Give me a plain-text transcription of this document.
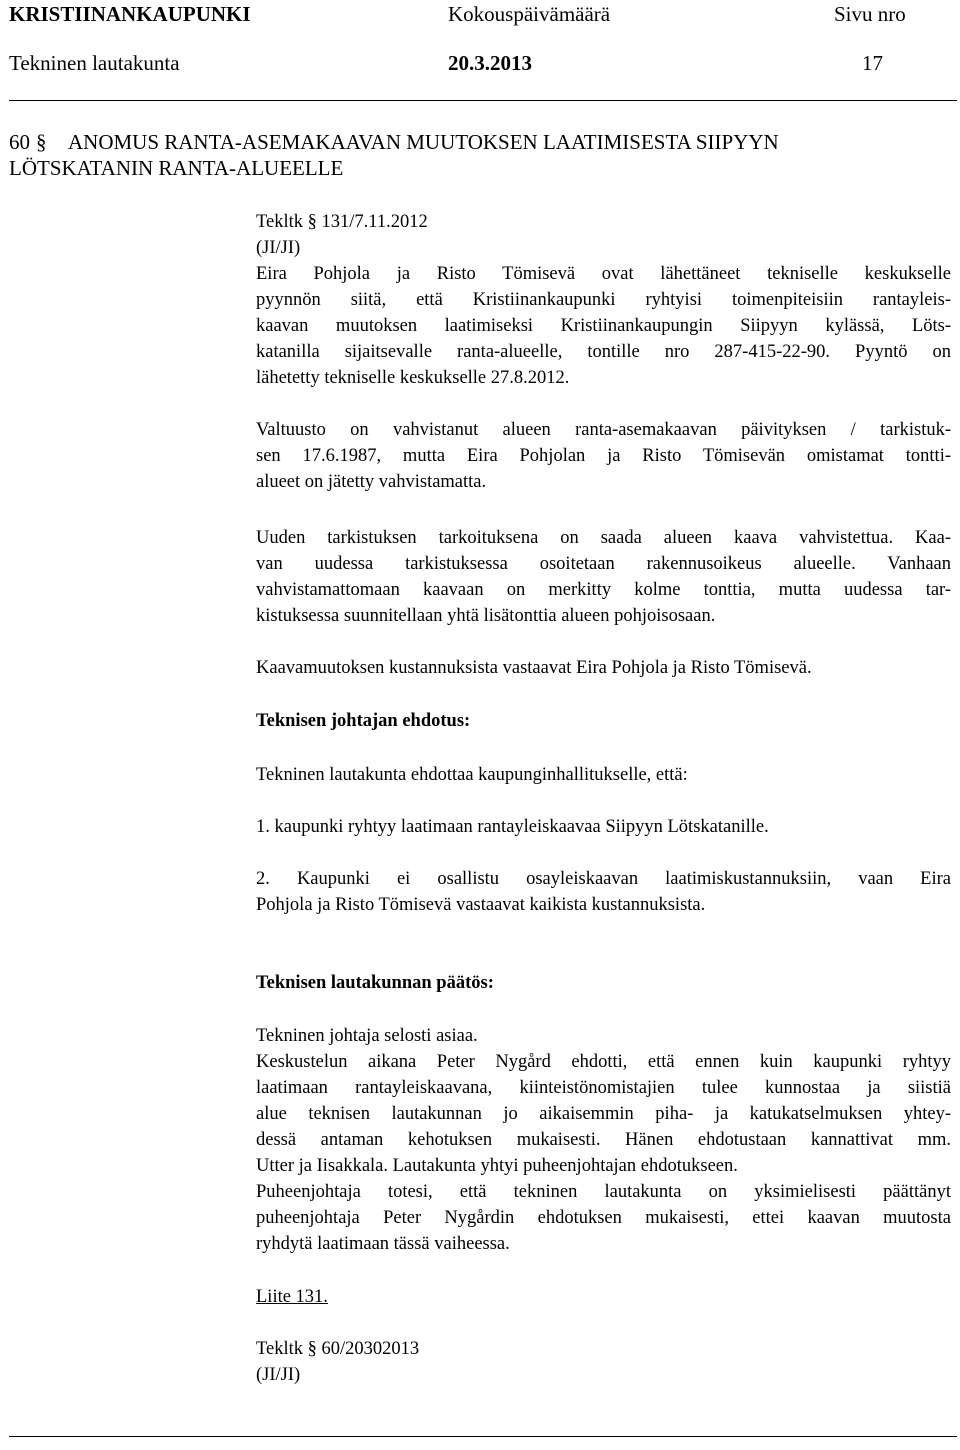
KRISTIINANKAUPUNKI	Kokouspäivämäärä	Sivu nro
Tekninen lautakunta	20.3.2013	17
60 § ANOMUS RANTA-ASEMAKAAVAN MUUTOKSEN LAATIMISESTA SIIPYYN
LÖTSKATANIN RANTA-ALUEELLE
Tekltk § 131/7.11.2012
(JI/JI)
Eira Pohjola ja Risto Tömisevä ovat lähettäneet tekniselle keskukselle
pyynnön siitä, että Kristiinankaupunki ryhtyisi toimenpiteisiin rantayleis-
kaavan muutoksen laatimiseksi Kristiinankaupungin Siipyyn kylässä, Löts-
katanilla sijaitsevalle ranta-alueelle, tontille nro 287-415-22-90. Pyyntö on
lähetetty tekniselle keskukselle 27.8.2012.
Valtuusto on vahvistanut alueen ranta-asemakaavan päivityksen / tarkistuk-
sen 17.6.1987, mutta Eira Pohjolan ja Risto Tömisevän omistamat tontti-
alueet on jätetty vahvistamatta.
Uuden tarkistuksen tarkoituksena on saada alueen kaava vahvistettua. Kaa-
van uudessa tarkistuksessa osoitetaan rakennusoikeus alueelle. Vanhaan
vahvistamattomaan kaavaan on merkitty kolme tonttia, mutta uudessa tar-
kistuksessa suunnitellaan yhtä lisätonttia alueen pohjoisosaan.
Kaavamuutoksen kustannuksista vastaavat Eira Pohjola ja Risto Tömisevä.
Teknisen johtajan ehdotus:
Tekninen lautakunta ehdottaa kaupunginhallitukselle, että:
1. kaupunki ryhtyy laatimaan rantayleiskaavaa Siipyyn Lötskatanille.
2. Kaupunki ei osallistu osayleiskaavan laatimiskustannuksiin, vaan Eira
Pohjola ja Risto Tömisevä vastaavat kaikista kustannuksista.
Teknisen lautakunnan päätös:
Tekninen johtaja selosti asiaa.
Keskustelun aikana Peter Nygård ehdotti, että ennen kuin kaupunki ryhtyy
laatimaan rantayleiskaavana, kiinteistönomistajien tulee kunnostaa ja siistiä
alue teknisen lautakunnan jo aikaisemmin piha- ja katukatselmuksen yhtey-
dessä antaman kehotuksen mukaisesti. Hänen ehdotustaan kannattivat mm.
Utter ja Iisakkala. Lautakunta yhtyi puheenjohtajan ehdotukseen.
Puheenjohtaja totesi, että tekninen lautakunta on yksimielisesti päättänyt
puheenjohtaja Peter Nygårdin ehdotuksen mukaisesti, ettei kaavan muutosta
ryhdytä laatimaan tässä vaiheessa.
Liite 131.
Tekltk § 60/20302013
(JI/JI)
